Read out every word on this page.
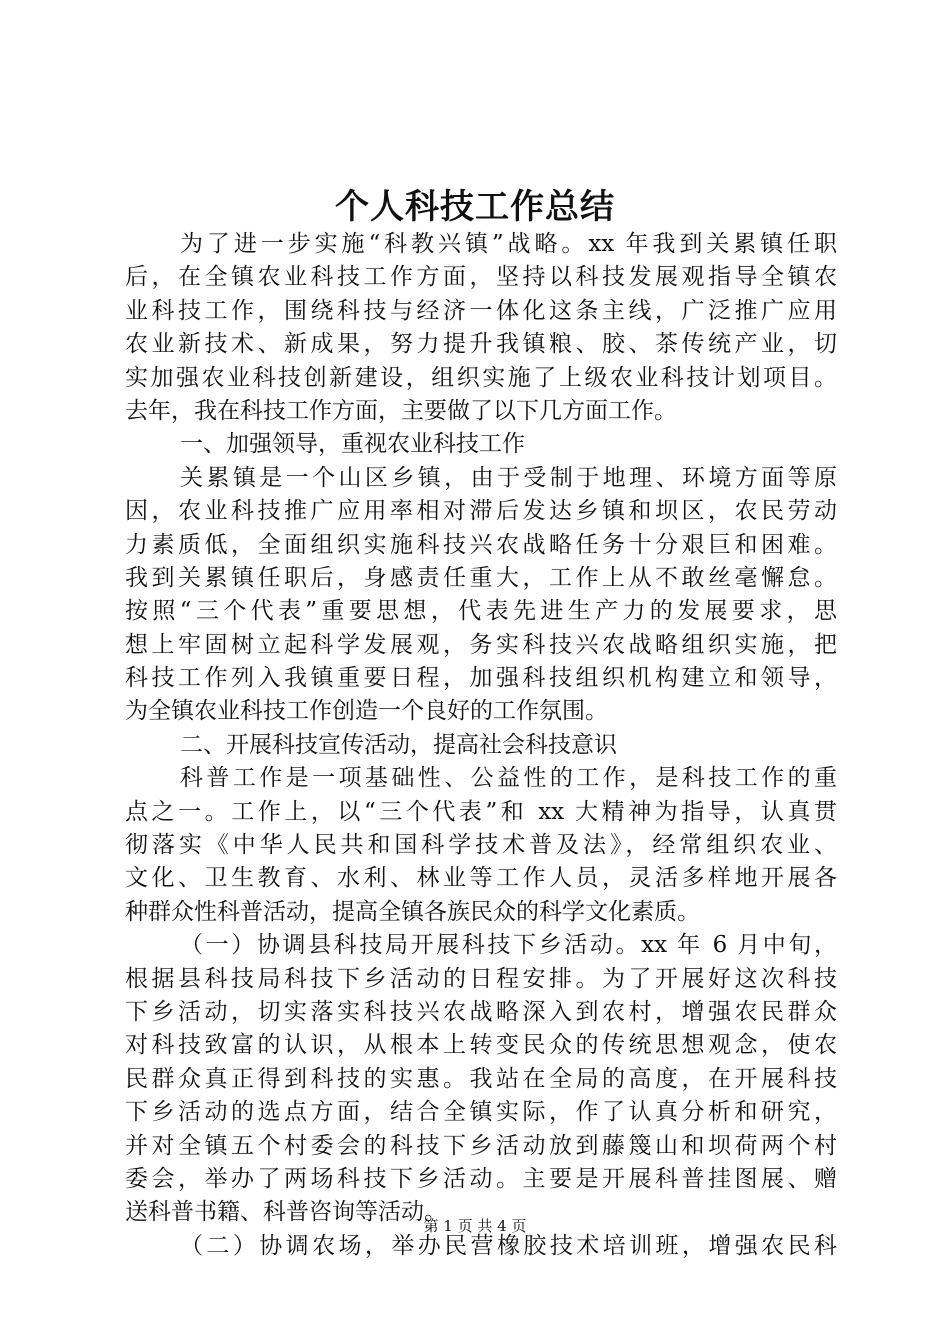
个人科技工作总结
为了进一步实施“科教兴镇”战略。xx 年我到关累镇任职
后，在全镇农业科技工作方面，坚持以科技发展观指导全镇农
业科技工作，围绕科技与经济一体化这条主线，广泛推广应用
农业新技术、新成果，努力提升我镇粮、胶、茶传统产业，切
实加强农业科技创新建设，组织实施了上级农业科技计划项目。
去年，我在科技工作方面，主要做了以下几方面工作。
一、加强领导，重视农业科技工作
关累镇是一个山区乡镇，由于受制于地理、环境方面等原
因，农业科技推广应用率相对滞后发达乡镇和坝区，农民劳动
力素质低，全面组织实施科技兴农战略任务十分艰巨和困难。
我到关累镇任职后，身感责任重大，工作上从不敢丝毫懈怠。
按照“三个代表”重要思想，代表先进生产力的发展要求，思
想上牢固树立起科学发展观，务实科技兴农战略组织实施，把
科技工作列入我镇重要日程，加强科技组织机构建立和领导，
为全镇农业科技工作创造一个良好的工作氛围。
二、开展科技宣传活动，提高社会科技意识
科普工作是一项基础性、公益性的工作，是科技工作的重
点之一。工作上，以“三个代表”和 xx 大精神为指导，认真贯
彻落实《中华人民共和国科学技术普及法》，经常组织农业、
文化、卫生教育、水利、林业等工作人员，灵活多样地开展各
种群众性科普活动，提高全镇各族民众的科学文化素质。
（一）协调县科技局开展科技下乡活动。xx 年 6 月中旬，
根据县科技局科技下乡活动的日程安排。为了开展好这次科技
下乡活动，切实落实科技兴农战略深入到农村，增强农民群众
对科技致富的认识，从根本上转变民众的传统思想观念，使农
民群众真正得到科技的实惠。我站在全局的高度，在开展科技
下乡活动的选点方面，结合全镇实际，作了认真分析和研究，
并对全镇五个村委会的科技下乡活动放到藤篾山和坝荷两个村
委会，举办了两场科技下乡活动。主要是开展科普挂图展、赠
送科普书籍、科普咨询等活动。
（二）协调农场，举办民营橡胶技术培训班，增强农民科
第 1 页 共 4 页
